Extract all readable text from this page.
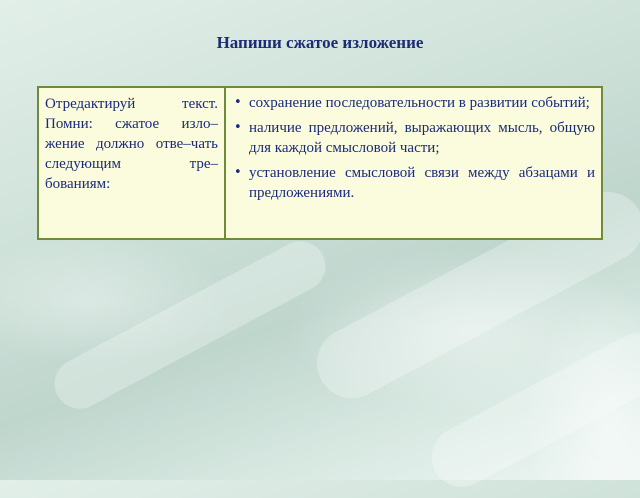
Напиши сжатое изложение
Отредактируй текст. Помни: сжатое изло–жение должно отве–чать следующим тре–бованиям:
• сохранение последовательности в развитии событий;
• наличие предложений, выражающих мысль, общую для каждой смысловой части;
• установление смысловой связи между абзацами и предложениями.
